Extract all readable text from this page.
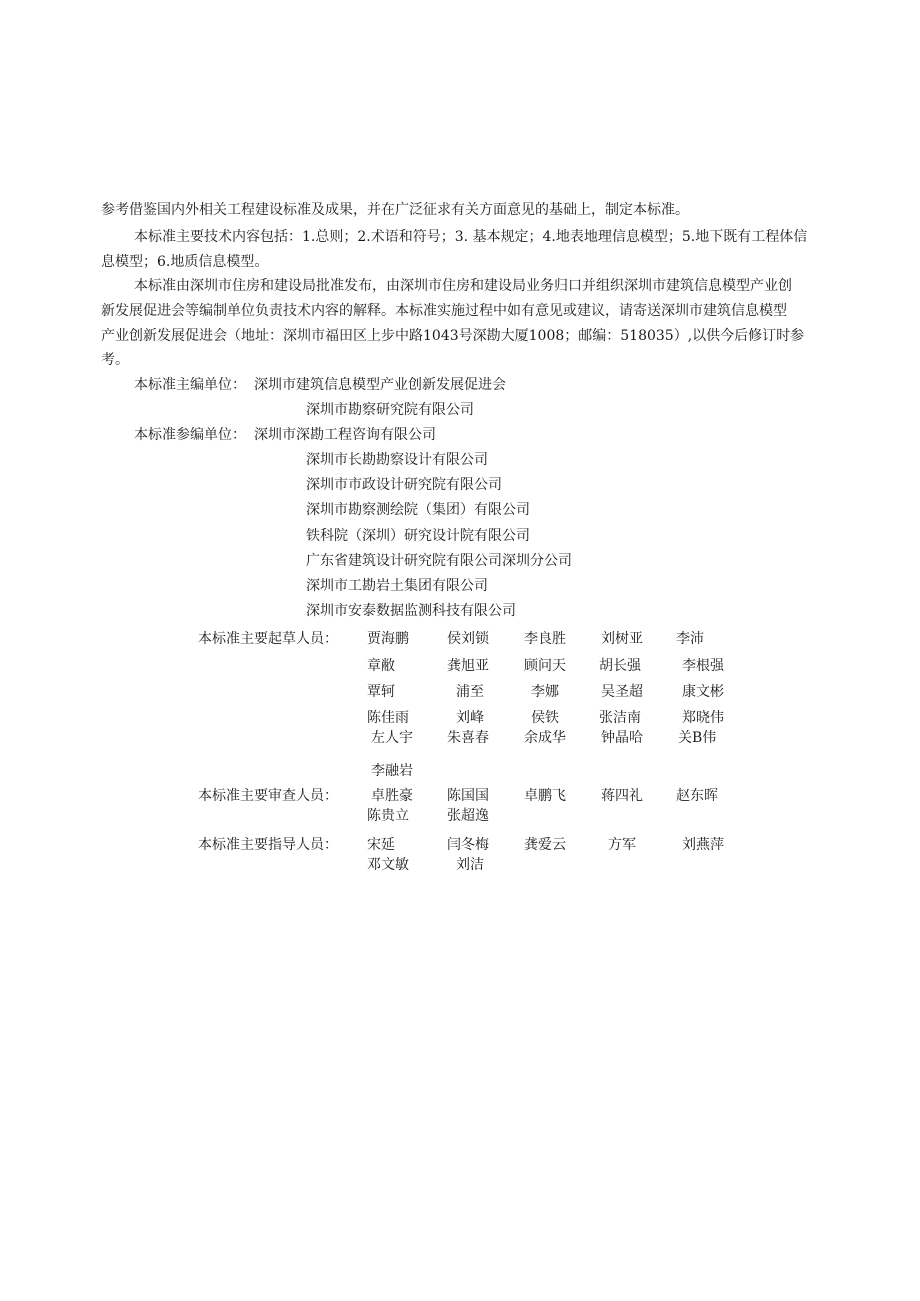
参考借鉴国内外相关工程建设标准及成果，并在广泛征求有关方面意见的基础上，制定本标准。
本标准主要技术内容包括：1.总则；2.术语和符号；3. 基本规定；4.地表地理信息模型；5.地下既有工程体信
息模型；6.地质信息模型。
本标准由深圳市住房和建设局批准发布，由深圳市住房和建设局业务归口并组织深圳市建筑信息模型产业创
新发展促进会等编制单位负责技术内容的解释。本标准实施过程中如有意见或建议，请寄送深圳市建筑信息模型
产业创新发展促进会（地址：深圳市福田区上步中路1043号深勘大厦1008；邮编：518035）,以供今后修订时参
考。
本标准主编单位： 深圳市建筑信息模型产业创新发展促进会
深圳市勘察研究院有限公司
本标准参编单位： 深圳市深勘工程咨询有限公司
深圳市长勘勘察设计有限公司
深圳市市政设计研究院有限公司
深圳市勘察测绘院（集团）有限公司
铁科院（深圳）研究设计院有限公司
广东省建筑设计研究院有限公司深圳分公司
深圳市工勘岩土集团有限公司
深圳市安泰数据监测科技有限公司
本标准主要起草人员： 贾海鹏	侯刘锁	李良胜	刘树亚 李沛
章敝	龚旭亚	顾问天 胡长强	李根强
覃轲	浦至	李娜	吴圣超	康文彬
陈佳雨	刘峰	侯铁	张洁南	郑晓伟
左人宇 朱喜春	余成华	钟晶哈	关B伟
李融岩
本标准主要审查人员： 卓胜豪 陈国国	卓鹏飞	蒋四礼 赵东晖
陈贵立	张超逸
本标准主要指导人员： 宋延	闫冬梅	龚爱云	方军	刘燕萍
邓文敏	刘洁
